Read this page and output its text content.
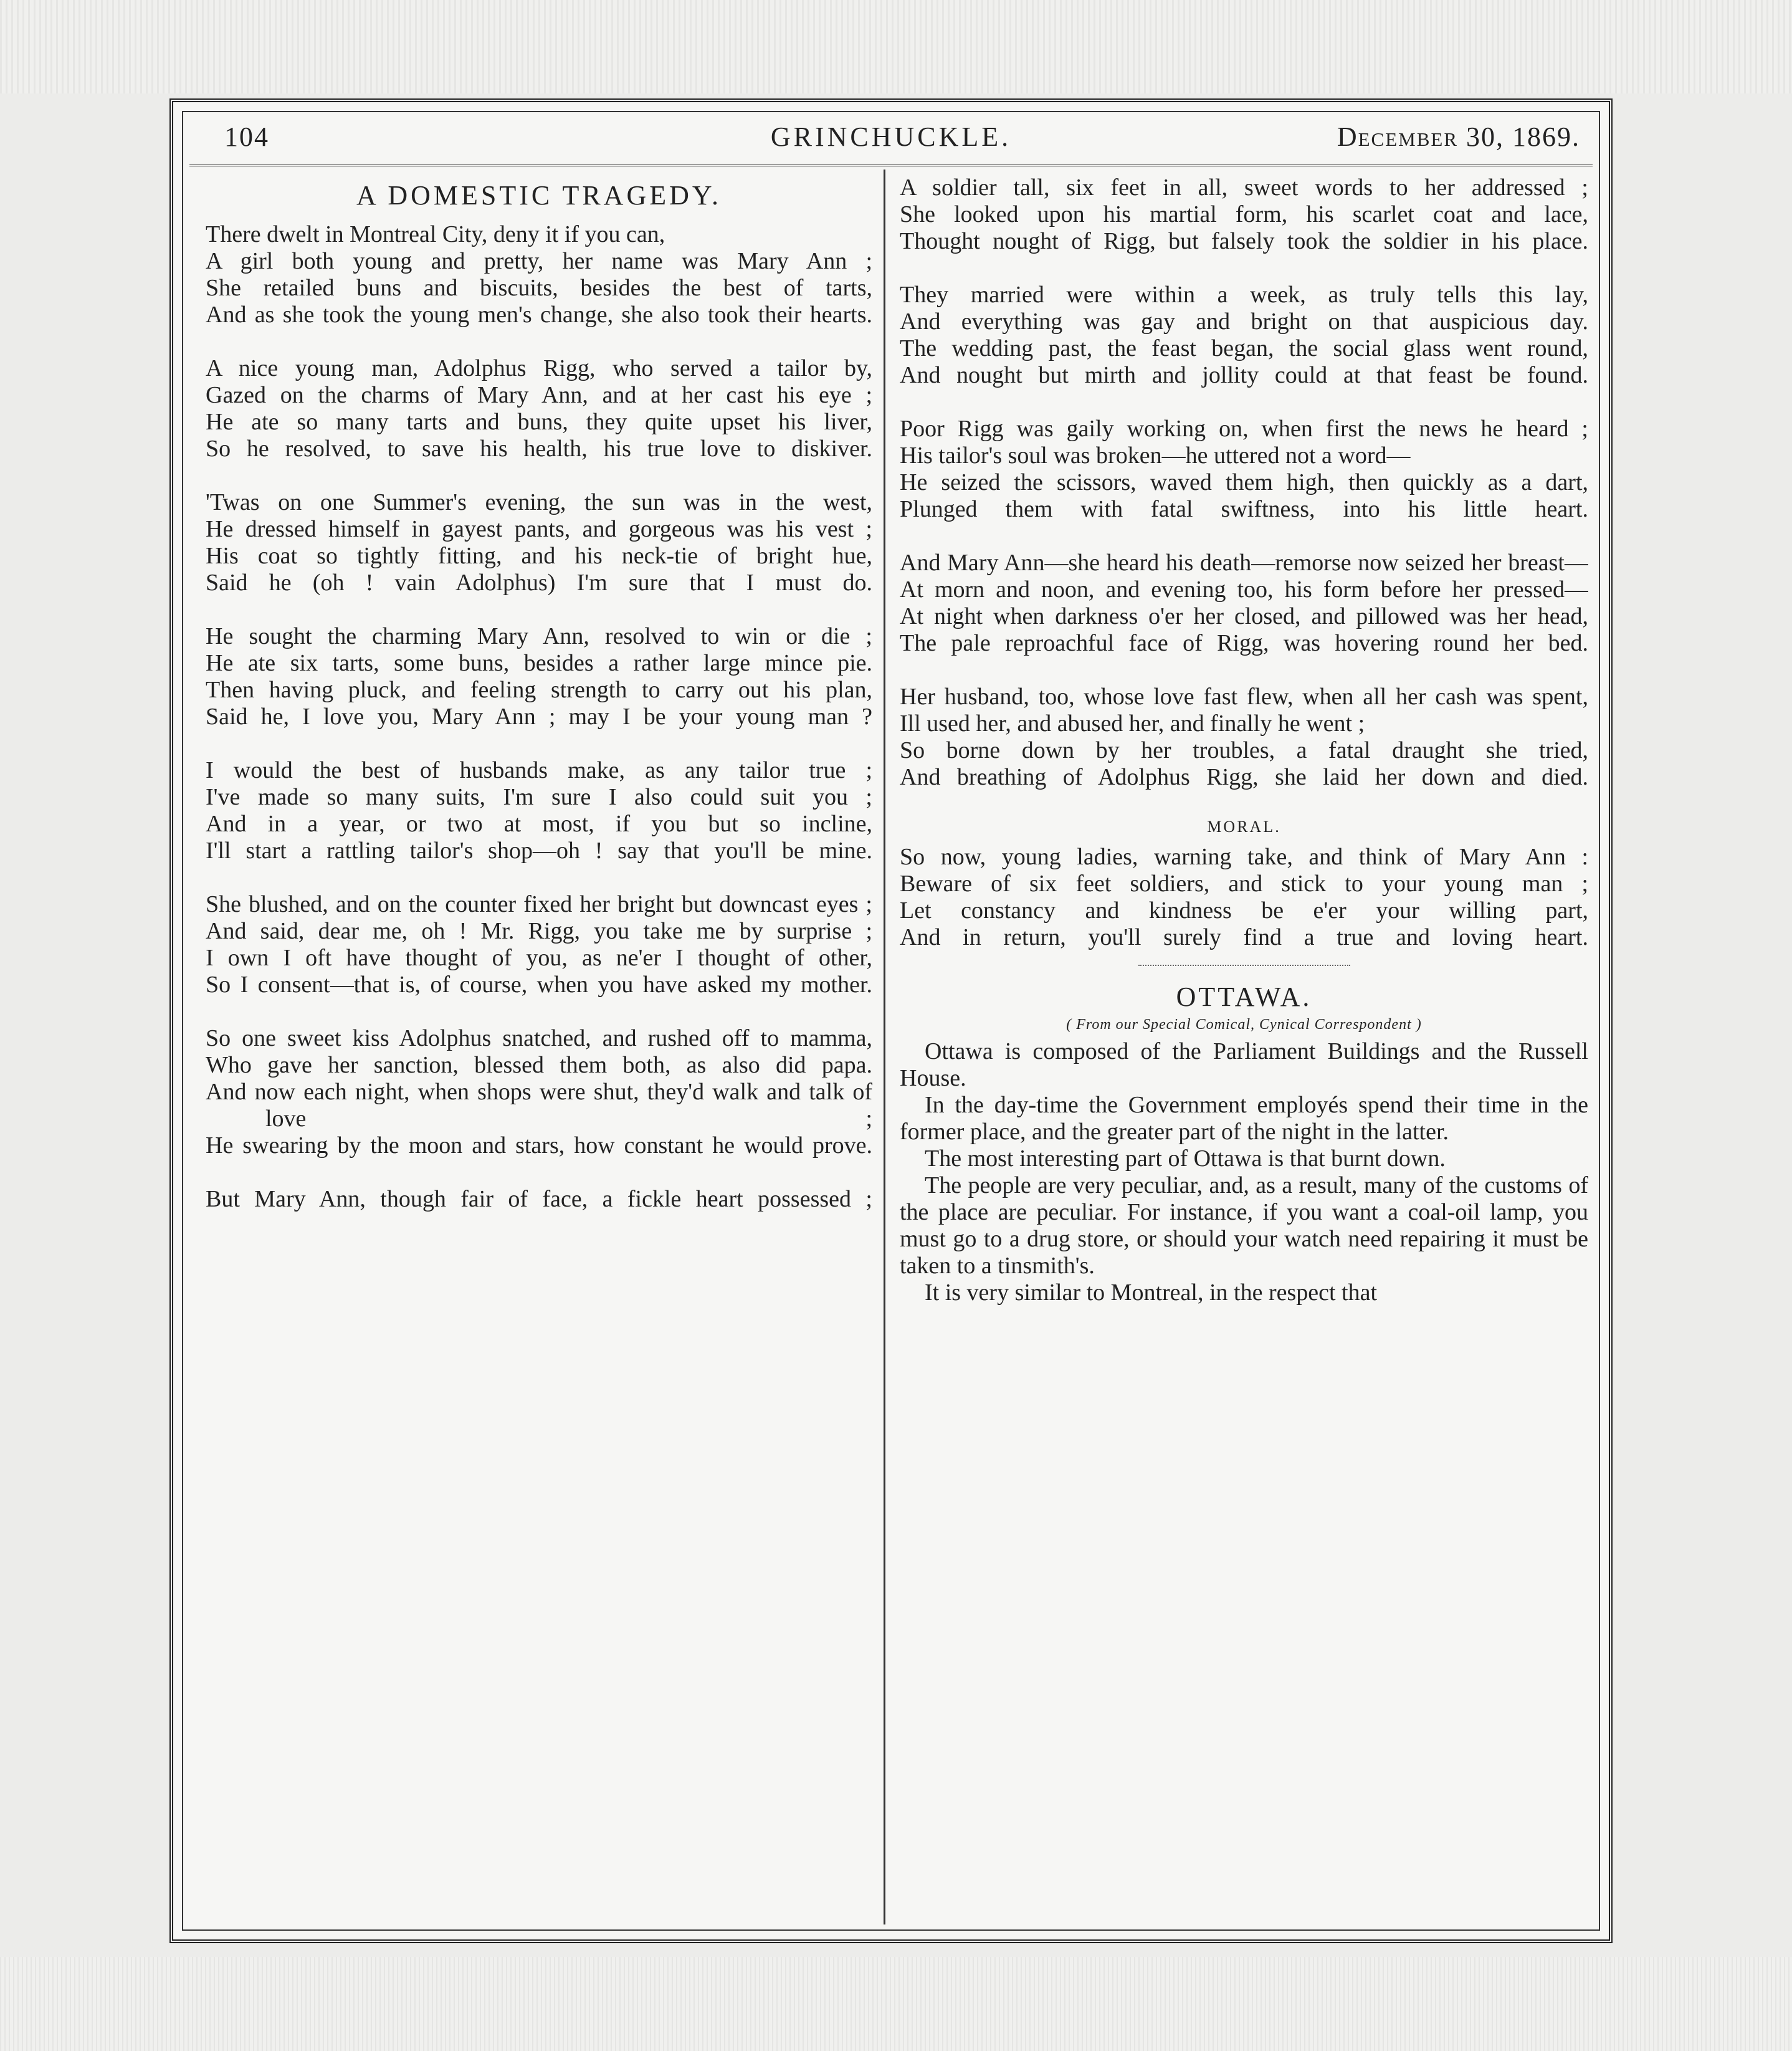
104	GRINCHUCKLE.	December 30, 1869.
A DOMESTIC TRAGEDY.
There dwelt in Montreal City, deny it if you can,
A girl both young and pretty, her name was Mary Ann ;
She retailed buns and biscuits, besides the best of tarts,
And as she took the young men's change, she also took their hearts.
A nice young man, Adolphus Rigg, who served a tailor by,
Gazed on the charms of Mary Ann, and at her cast his eye ;
He ate so many tarts and buns, they quite upset his liver,
So he resolved, to save his health, his true love to diskiver.
'Twas on one Summer's evening, the sun was in the west,
He dressed himself in gayest pants, and gorgeous was his vest ;
His coat so tightly fitting, and his neck-tie of bright hue,
Said he (oh ! vain Adolphus) I'm sure that I must do.
He sought the charming Mary Ann, resolved to win or die ;
He ate six tarts, some buns, besides a rather large mince pie.
Then having pluck, and feeling strength to carry out his plan,
Said he, I love you, Mary Ann ; may I be your young man ?
I would the best of husbands make, as any tailor true ;
I've made so many suits, I'm sure I also could suit you ;
And in a year, or two at most, if you but so incline,
I'll start a rattling tailor's shop—oh ! say that you'll be mine.
She blushed, and on the counter fixed her bright but downcast eyes ;
And said, dear me, oh ! Mr. Rigg, you take me by surprise ;
I own I oft have thought of you, as ne'er I thought of other,
So I consent—that is, of course, when you have asked my mother.
So one sweet kiss Adolphus snatched, and rushed off to mamma,
Who gave her sanction, blessed them both, as also did papa.
And now each night, when shops were shut, they'd walk and talk of love ;
He swearing by the moon and stars, how constant he would prove.
But Mary Ann, though fair of face, a fickle heart possessed ;
A soldier tall, six feet in all, sweet words to her addressed ;
She looked upon his martial form, his scarlet coat and lace,
Thought nought of Rigg, but falsely took the soldier in his place.
They married were within a week, as truly tells this lay,
And everything was gay and bright on that auspicious day.
The wedding past, the feast began, the social glass went round,
And nought but mirth and jollity could at that feast be found.
Poor Rigg was gaily working on, when first the news he heard ;
His tailor's soul was broken—he uttered not a word—
He seized the scissors, waved them high, then quickly as a dart,
Plunged them with fatal swiftness, into his little heart.
And Mary Ann—she heard his death—remorse now seized her breast—
At morn and noon, and evening too, his form before her pressed—
At night when darkness o'er her closed, and pillowed was her head,
The pale reproachful face of Rigg, was hovering round her bed.
Her husband, too, whose love fast flew, when all her cash was spent,
Ill used her, and abused her, and finally he went ;
So borne down by her troubles, a fatal draught she tried,
And breathing of Adolphus Rigg, she laid her down and died.
MORAL.
So now, young ladies, warning take, and think of Mary Ann :
Beware of six feet soldiers, and stick to your young man ;
Let constancy and kindness be e'er your willing part,
And in return, you'll surely find a true and loving heart.
OTTAWA.
( From our Special Comical, Cynical Correspondent )

Ottawa is composed of the Parliament Buildings and the Russell House.

In the day-time the Government employés spend their time in the former place, and the greater part of the night in the latter.

The most interesting part of Ottawa is that burnt down.

The people are very peculiar, and, as a result, many of the customs of the place are peculiar. For instance, if you want a coal-oil lamp, you must go to a drug store, or should your watch need repairing it must be taken to a tinsmith's.

It is very similar to Montreal, in the respect that
